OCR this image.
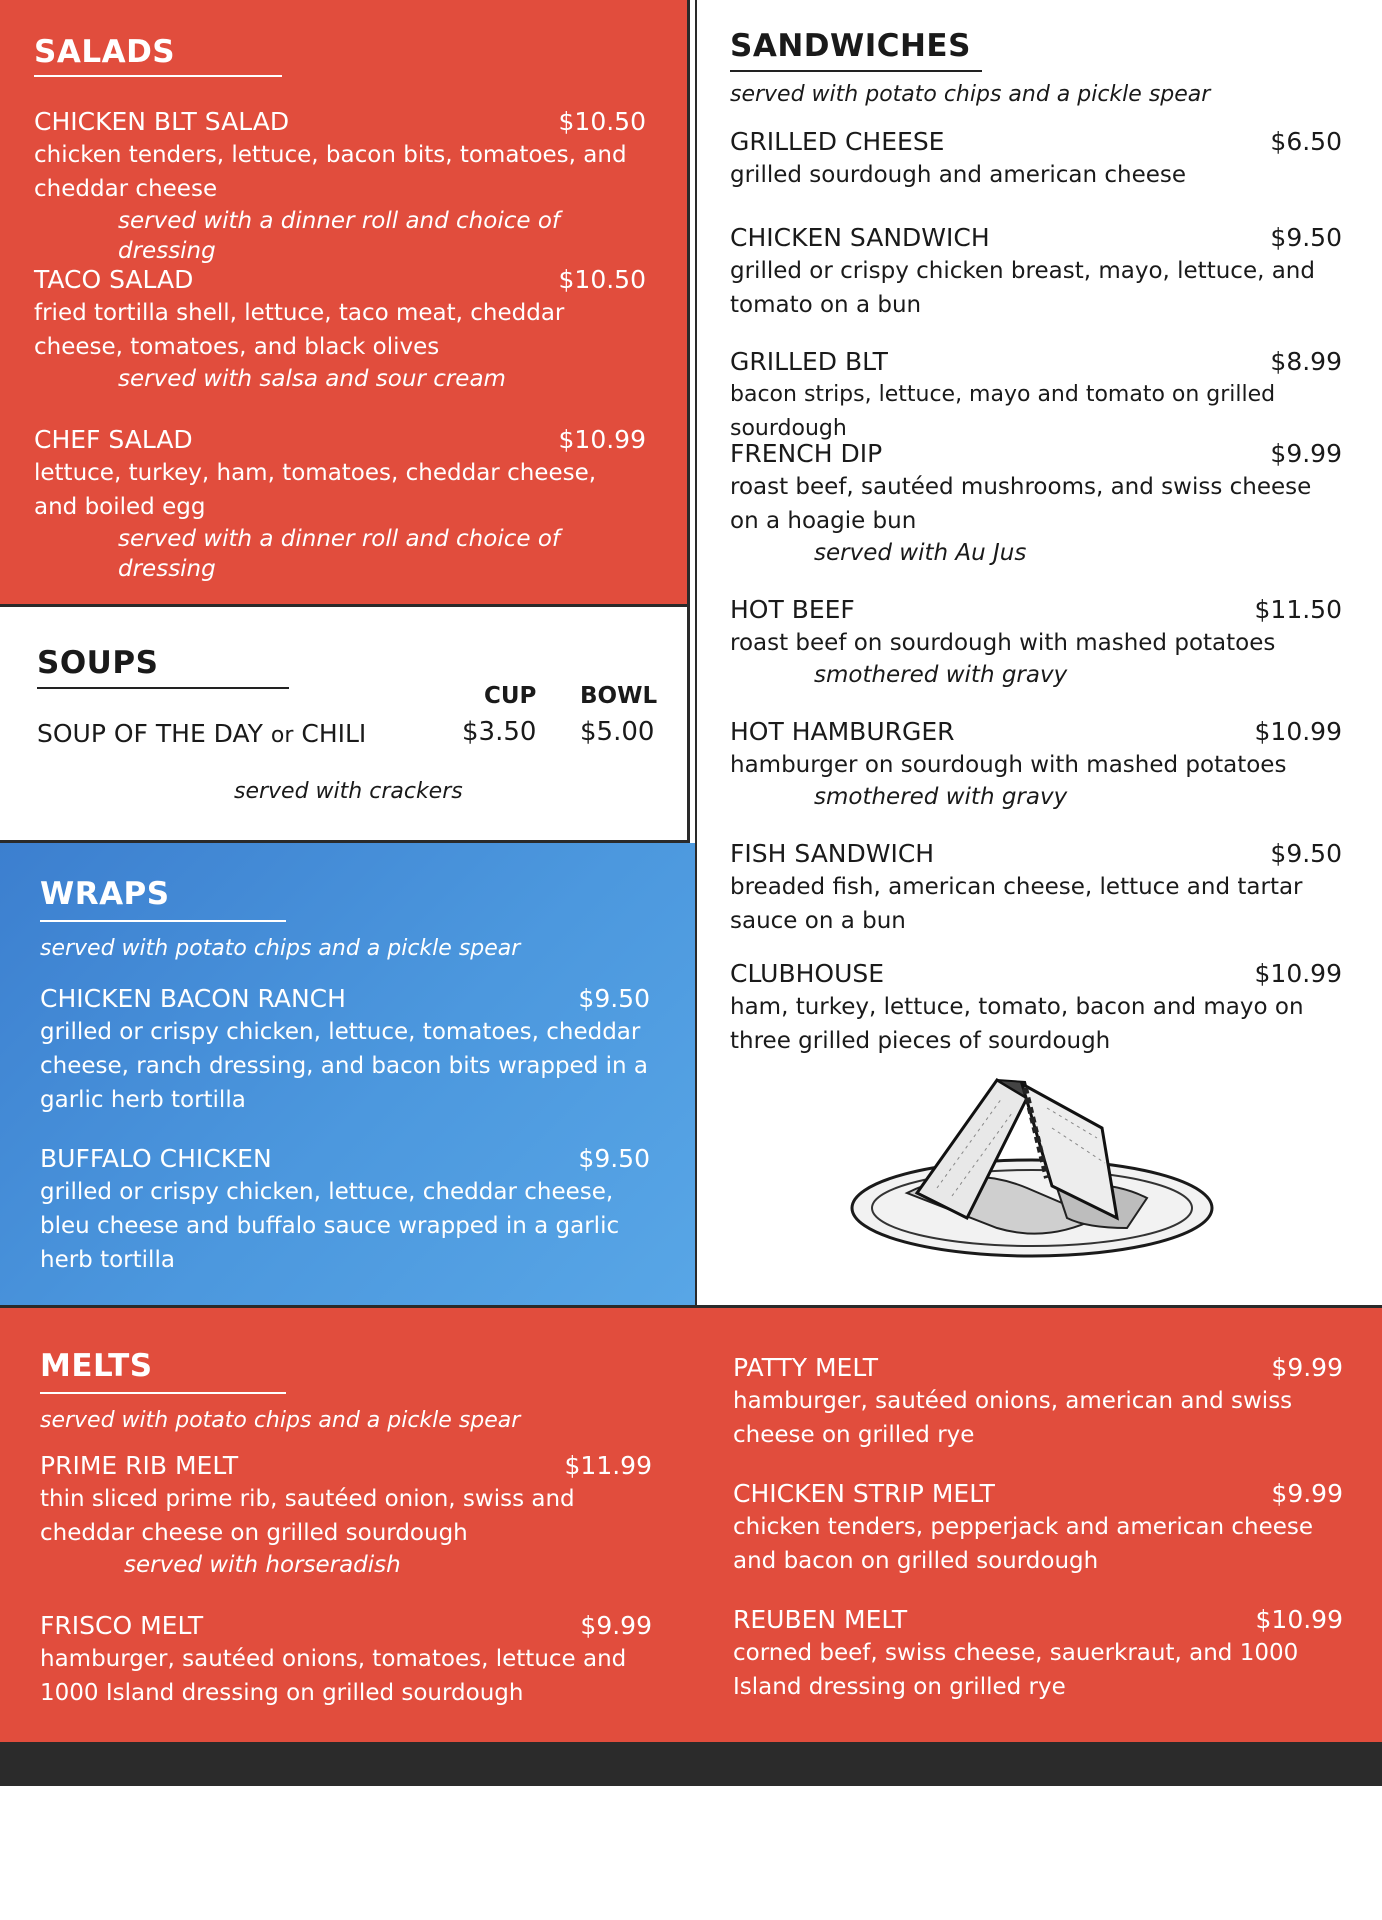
SALADS
CHICKEN BLT SALAD	$10.50
chicken tenders, lettuce, bacon bits, tomatoes, and cheddar cheese
served with a dinner roll and choice of dressing
TACO SALAD	$10.50
fried tortilla shell, lettuce, taco meat, cheddar cheese, tomatoes, and black olives
served with salsa and sour cream
CHEF SALAD	$10.99
lettuce, turkey, ham, tomatoes, cheddar cheese, and boiled egg
served with a dinner roll and choice of dressing
SOUPS
CUP BOWL
SOUP OF THE DAY or CHILI	$3.50 $5.00
served with crackers
WRAPS
served with potato chips and a pickle spear
CHICKEN BACON RANCH	$9.50
grilled or crispy chicken, lettuce, tomatoes, cheddar cheese, ranch dressing, and bacon bits wrapped in a garlic herb tortilla
BUFFALO CHICKEN	$9.50
grilled or crispy chicken, lettuce, cheddar cheese, bleu cheese and buffalo sauce wrapped in a garlic herb tortilla
SANDWICHES
served with potato chips and a pickle spear
GRILLED CHEESE	$6.50
grilled sourdough and american cheese
CHICKEN SANDWICH	$9.50
grilled or crispy chicken breast, mayo, lettuce, and tomato on a bun
GRILLED BLT	$8.99
bacon strips, lettuce, mayo and tomato on grilled sourdough
FRENCH DIP	$9.99
roast beef, sautéed mushrooms, and swiss cheese on a hoagie bun
served with Au Jus
HOT BEEF	$11.50
roast beef on sourdough with mashed potatoes
smothered with gravy
HOT HAMBURGER	$10.99
hamburger on sourdough with mashed potatoes
smothered with gravy
FISH SANDWICH	$9.50
breaded fish, american cheese, lettuce and tartar sauce on a bun
CLUBHOUSE	$10.99
ham, turkey, lettuce, tomato, bacon and mayo on three grilled pieces of sourdough
MELTS
served with potato chips and a pickle spear
PRIME RIB MELT	$11.99
thin sliced prime rib, sautéed onion, swiss and cheddar cheese on grilled sourdough
served with horseradish
FRISCO MELT	$9.99
hamburger, sautéed onions, tomatoes, lettuce and 1000 Island dressing on grilled sourdough
PATTY MELT	$9.99
hamburger, sautéed onions, american and swiss cheese on grilled rye
CHICKEN STRIP MELT	$9.99
chicken tenders, pepperjack and american cheese and bacon on grilled sourdough
REUBEN MELT	$10.99
corned beef, swiss cheese, sauerkraut, and 1000 Island dressing on grilled rye
